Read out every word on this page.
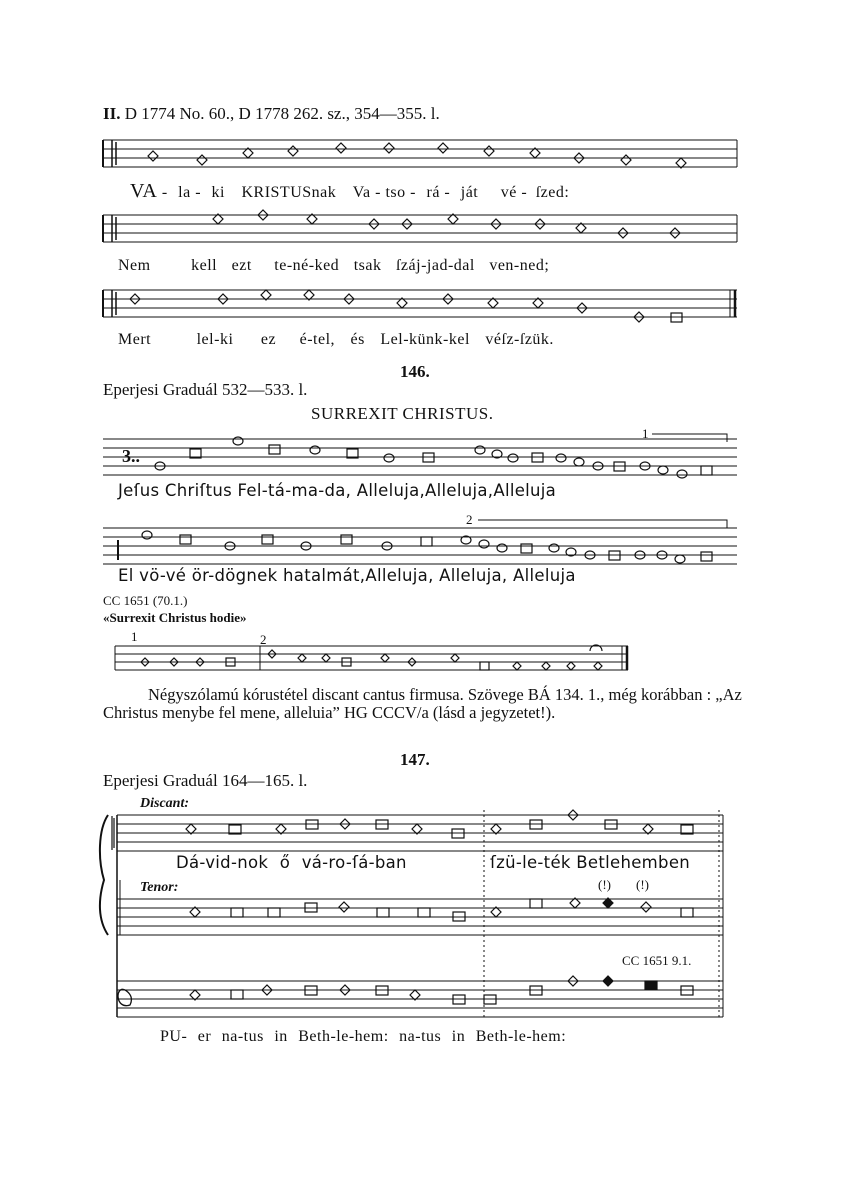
II. D 1774 No. 60., D 1778 262. sz., 354—355. l.
VA - la - ki KRISTUSnak Va - tso - rá - ját vé - ſzed:
Nem	kell ezt te-né-ked tsak ſzáj-jad-dal ven-ned;
Mert	lel-ki ez é-tel, és Lel-künk-kel véſz-ſzük.
146.
Eperjesi Graduál 532—533. l.
SURREXIT CHRISTUS.
3..
1
2
Jeſus Chriſtus Fel-tá-ma-da, Alleluja,Alleluja,Alleluja
El vö-vé ör-dögnek hatalmát,Alleluja, Alleluja, Alleluja
CC 1651 (70.1.)
«Surrexit Christus hodie»
1	2
Négyszólamú kórustétel discant cantus firmusa. Szövege BÁ 134. 1., még korábban : „Az Christus menybe fel mene, alleluia” HG CCCV/a (lásd a jegyzetet!).
147.
Eperjesi Graduál 164—165. l.
Discant:
Tenor:
Dá-vid-nok ő vá-ro-ſá-ban	ſzü-le-ték Betlehemben
(!) (!)
CC 1651 9.1.
PU- er na-tus in Beth-le-hem: na-tus in Beth-le-hem:
